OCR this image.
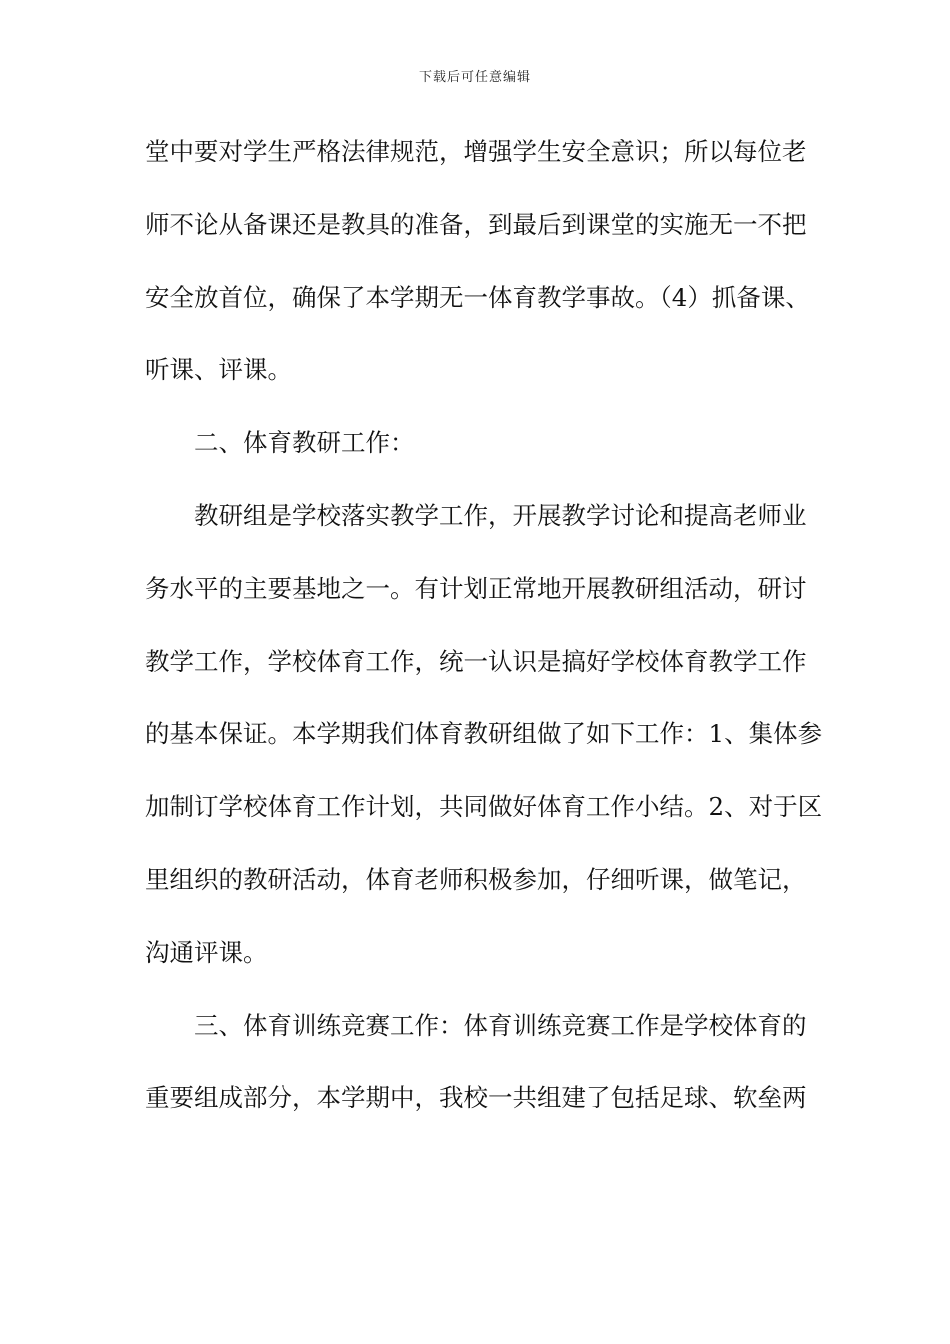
下载后可任意编辑
堂中要对学生严格法律规范，增强学生安全意识；所以每位老
师不论从备课还是教具的准备，到最后到课堂的实施无一不把
安全放首位，确保了本学期无一体育教学事故。（4）抓备课、
听课、评课。
二、体育教研工作：
教研组是学校落实教学工作，开展教学讨论和提高老师业
务水平的主要基地之一。有计划正常地开展教研组活动，研讨
教学工作，学校体育工作，统一认识是搞好学校体育教学工作
的基本保证。本学期我们体育教研组做了如下工作：1、集体参
加制订学校体育工作计划，共同做好体育工作小结。2、对于区
里组织的教研活动，体育老师积极参加，仔细听课，做笔记，
沟通评课。
三、体育训练竞赛工作：体育训练竞赛工作是学校体育的
重要组成部分，本学期中，我校一共组建了包括足球、软垒两
